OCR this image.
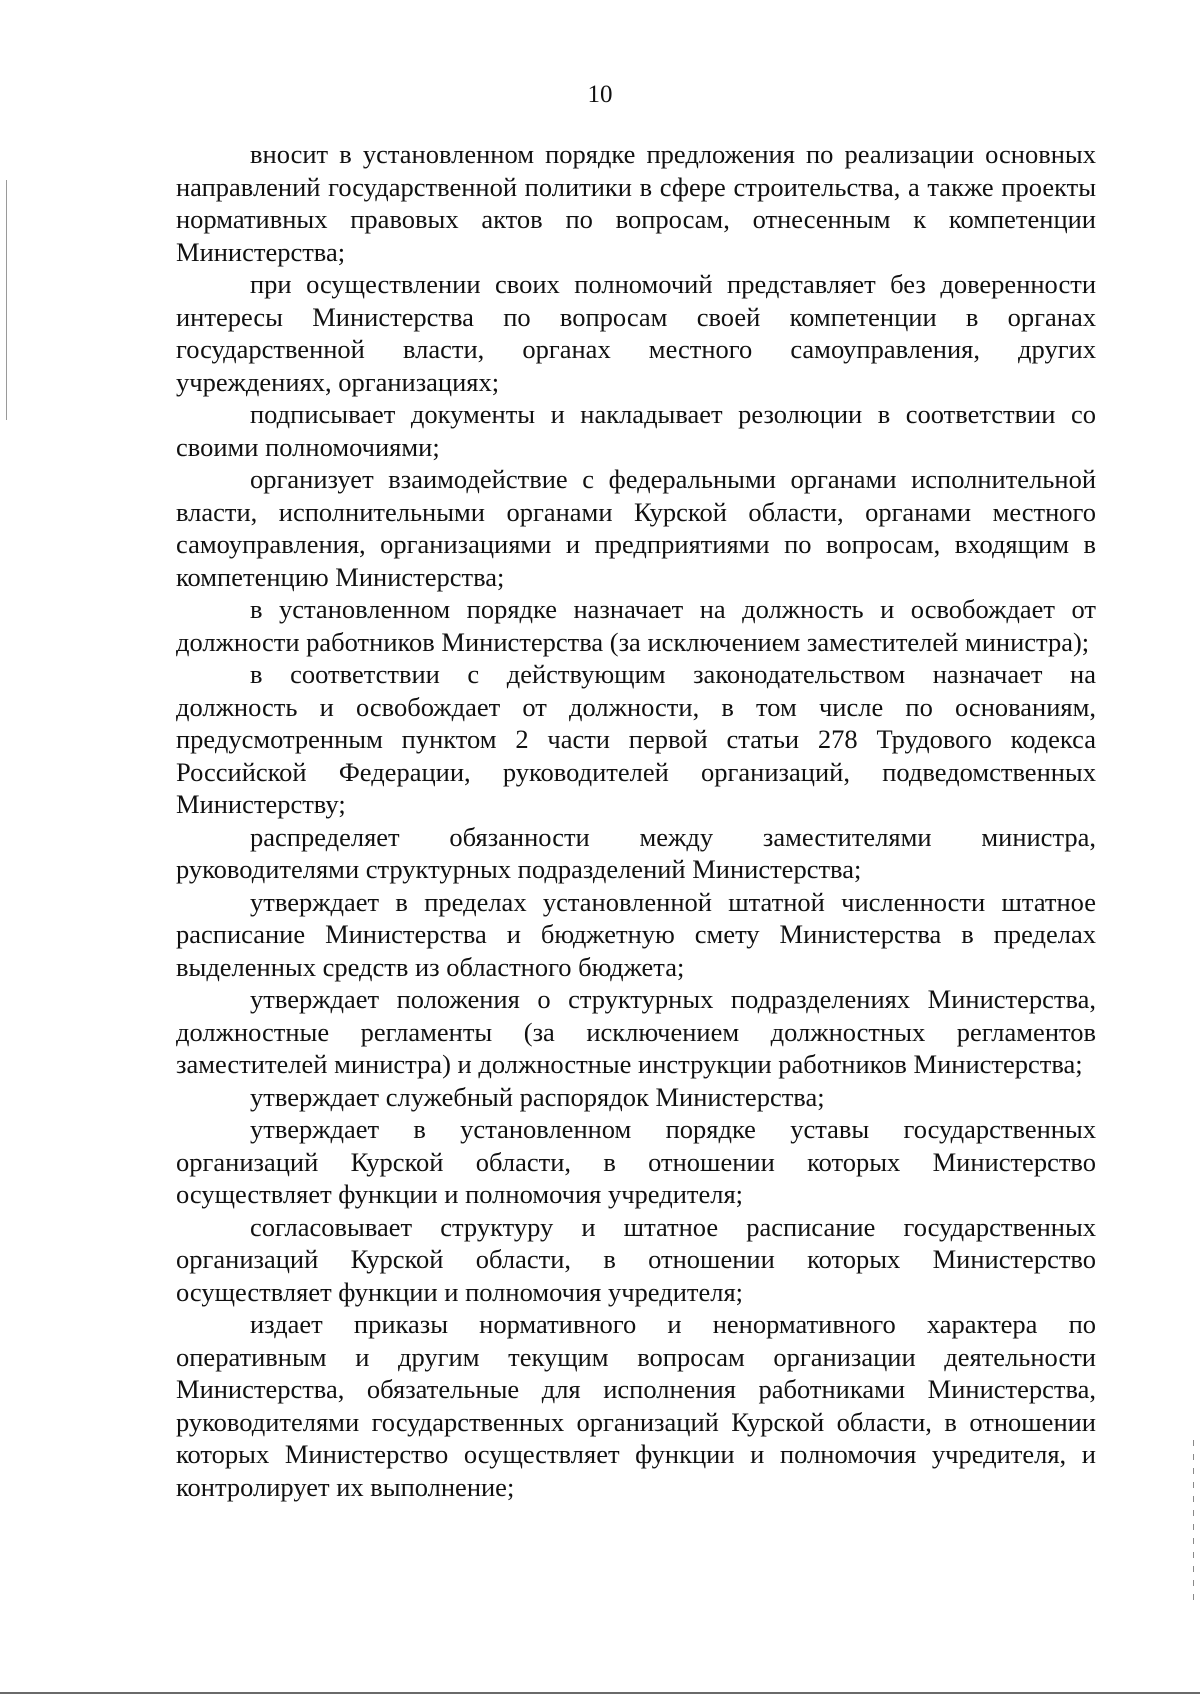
10

вносит в установленном порядке предложения по реализации основных направлений государственной политики в сфере строительства, а также проекты нормативных правовых актов по вопросам, отнесенным к компетенции Министерства;

при осуществлении своих полномочий представляет без доверенности интересы Министерства по вопросам своей компетенции в органах государственной власти, органах местного самоуправления, других учреждениях, организациях;

подписывает документы и накладывает резолюции в соответствии со своими полномочиями;

организует взаимодействие с федеральными органами исполнительной власти, исполнительными органами Курской области, органами местного самоуправления, организациями и предприятиями по вопросам, входящим в компетенцию Министерства;

в установленном порядке назначает на должность и освобождает от должности работников Министерства (за исключением заместителей министра);

в соответствии с действующим законодательством назначает на должность и освобождает от должности, в том числе по основаниям, предусмотренным пунктом 2 части первой статьи 278 Трудового кодекса Российской Федерации, руководителей организаций, подведомственных Министерству;

распределяет обязанности между заместителями министра, руководителями структурных подразделений Министерства;

утверждает в пределах установленной штатной численности штатное расписание Министерства и бюджетную смету Министерства в пределах выделенных средств из областного бюджета;

утверждает положения о структурных подразделениях Министерства, должностные регламенты (за исключением должностных регламентов заместителей министра) и должностные инструкции работников Министерства;

утверждает служебный распорядок Министерства;

утверждает в установленном порядке уставы государственных организаций Курской области, в отношении которых Министерство осуществляет функции и полномочия учредителя;

согласовывает структуру и штатное расписание государственных организаций Курской области, в отношении которых Министерство осуществляет функции и полномочия учредителя;

издает приказы нормативного и ненормативного характера по оперативным и другим текущим вопросам организации деятельности Министерства, обязательные для исполнения работниками Министерства, руководителями государственных организаций Курской области, в отношении которых Министерство осуществляет функции и полномочия учредителя, и контролирует их выполнение;
